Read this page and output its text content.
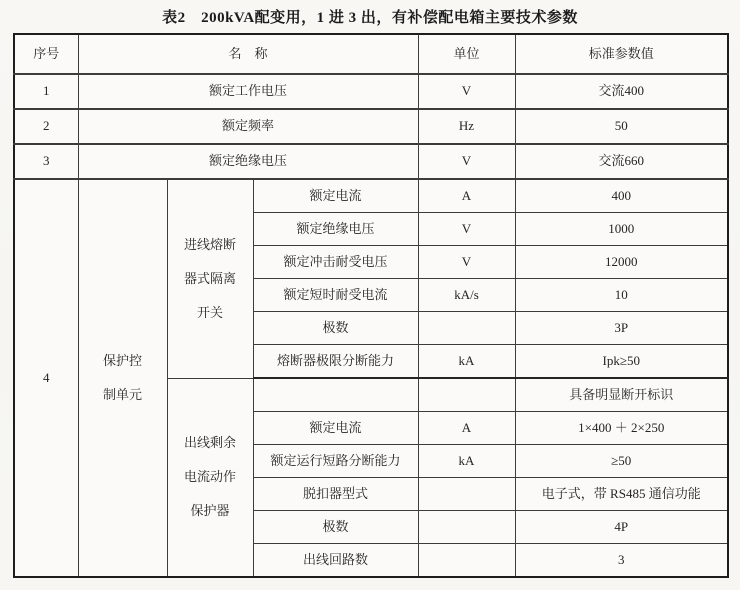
表2　200kVA配变用，1 进 3 出，有补偿配电箱主要技术参数
序号	名　称			单位	标准参数值
1	额定工作电压			V	交流400
2	额定频率			Hz	50
3	额定绝缘电压			V	交流660
4	保护控制单元	进线熔断器式隔离开关	额定电流	A	400
			额定绝缘电压	V	1000
			额定冲击耐受电压	V	12000
			额定短时耐受电流	kA/s	10
			极数		3P
			熔断器极限分断能力	kA	Ipk≥50
		出线剩余电流动作保护器			具备明显断开标识
			额定电流	A	1×400 ＋ 2×250
			额定运行短路分断能力	kA	≥50
			脱扣器型式		电子式，带 RS485 通信功能
			极数		4P
			出线回路数		3
